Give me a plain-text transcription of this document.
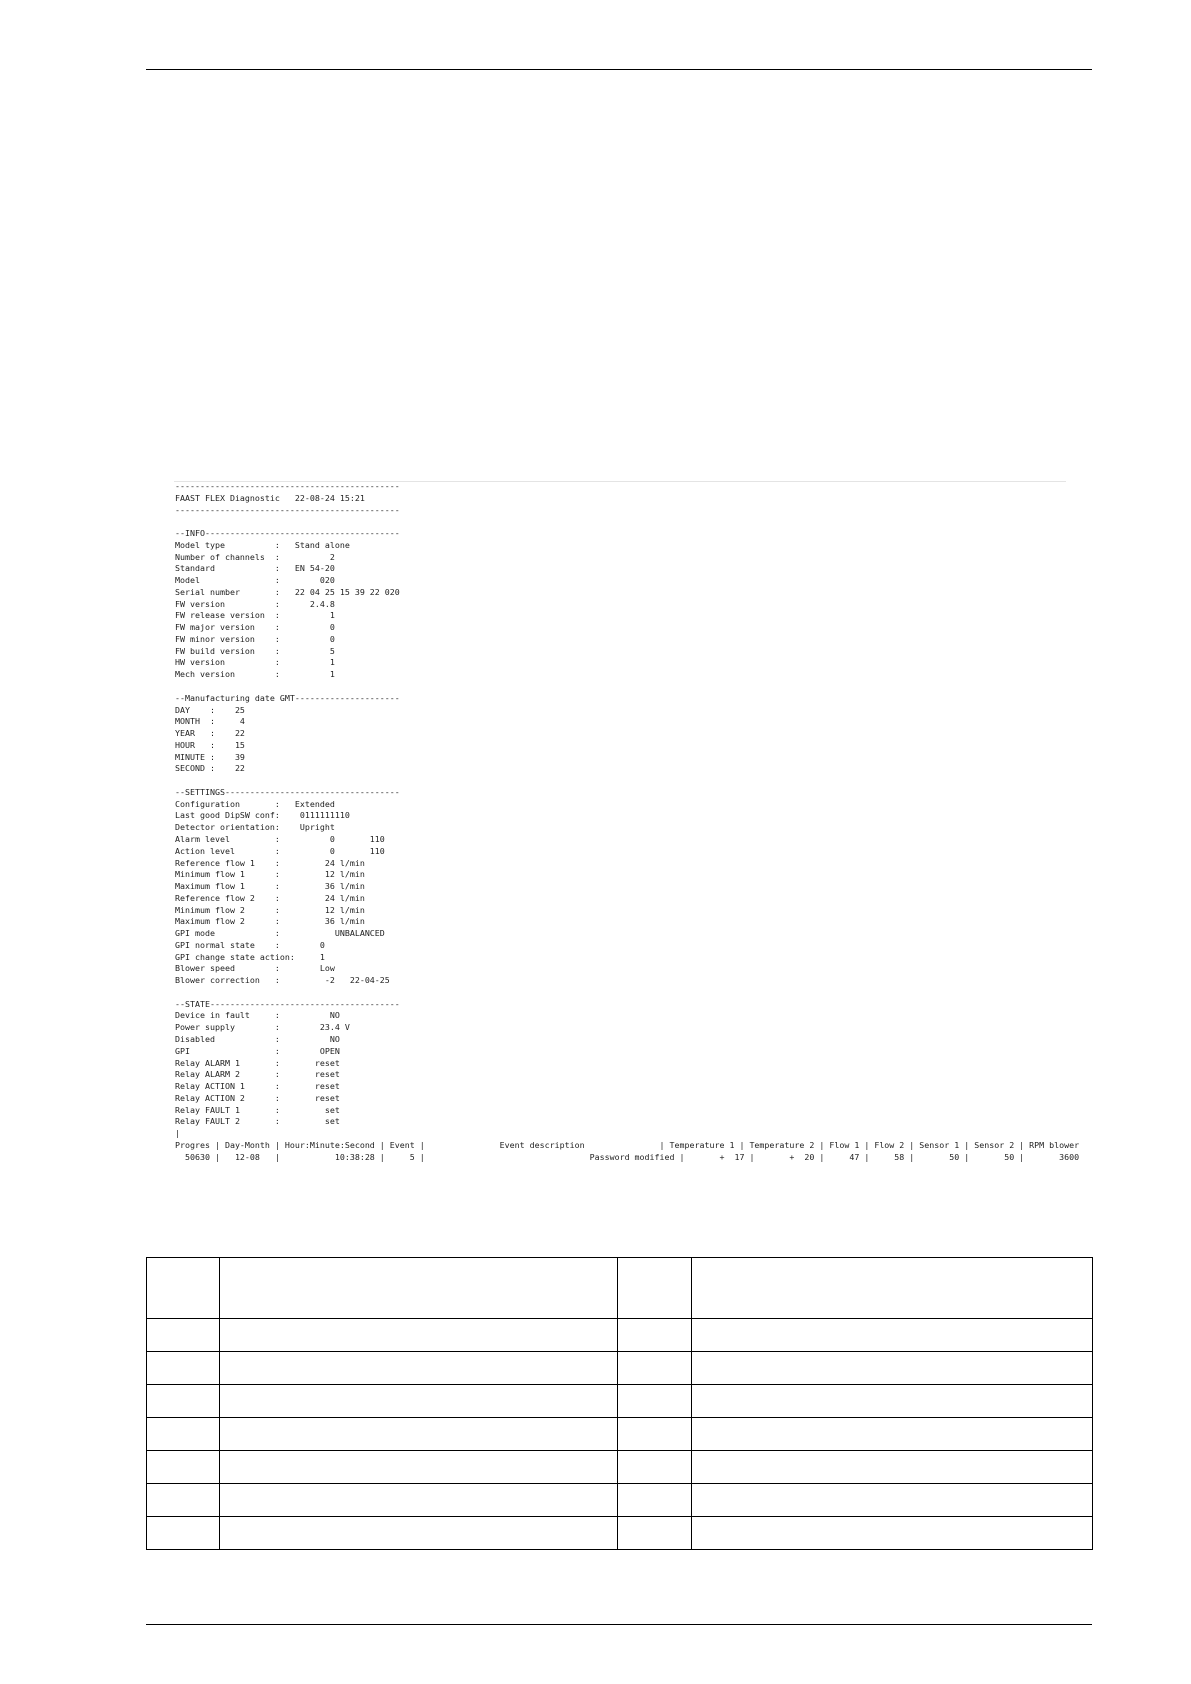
---------------------------------------------
FAAST FLEX Diagnostic   22-08-24 15:21
---------------------------------------------
--INFO---------------------------------------
Model type          :   Stand alone
Number of channels  :          2
Standard            :   EN 54-20
Model               :        020
Serial number       :   22 04 25 15 39 22 020
FW version          :      2.4.8
FW release version  :          1
FW major version    :          0
FW minor version    :          0
FW build version    :          5
HW version          :          1
Mech version        :          1
--Manufacturing date GMT---------------------
DAY    :    25
MONTH  :     4
YEAR   :    22
HOUR   :    15
MINUTE :    39
SECOND :    22
--SETTINGS-----------------------------------
Configuration       :   Extended
Last good DipSW conf:    0111111110
Detector orientation:    Upright
Alarm level         :          0       110
Action level        :          0       110
Reference flow 1    :         24 l/min
Minimum flow 1      :         12 l/min
Maximum flow 1      :         36 l/min
Reference flow 2    :         24 l/min
Minimum flow 2      :         12 l/min
Maximum flow 2      :         36 l/min
GPI mode            :           UNBALANCED
GPI normal state    :        0
GPI change state action:     1
Blower speed        :        Low
Blower correction   :         -2   22-04-25
--STATE--------------------------------------
Device in fault     :          NO
Power supply        :        23.4 V
Disabled            :          NO
GPI                 :        OPEN
Relay ALARM 1       :       reset
Relay ALARM 2       :       reset
Relay ACTION 1      :       reset
Relay ACTION 2      :       reset
Relay FAULT 1       :         set
Relay FAULT 2       :         set
|
Progres | Day-Month | Hour:Minute:Second | Event |               Event description               | Temperature 1 | Temperature 2 | Flow 1 | Flow 2 | Sensor 1 | Sensor 2 | RPM blower
50630 |   12-08   |           10:38:28 |     5 |                                 Password modified |       +  17 |       +  20 |     47 |     58 |       50 |       50 |       3600
